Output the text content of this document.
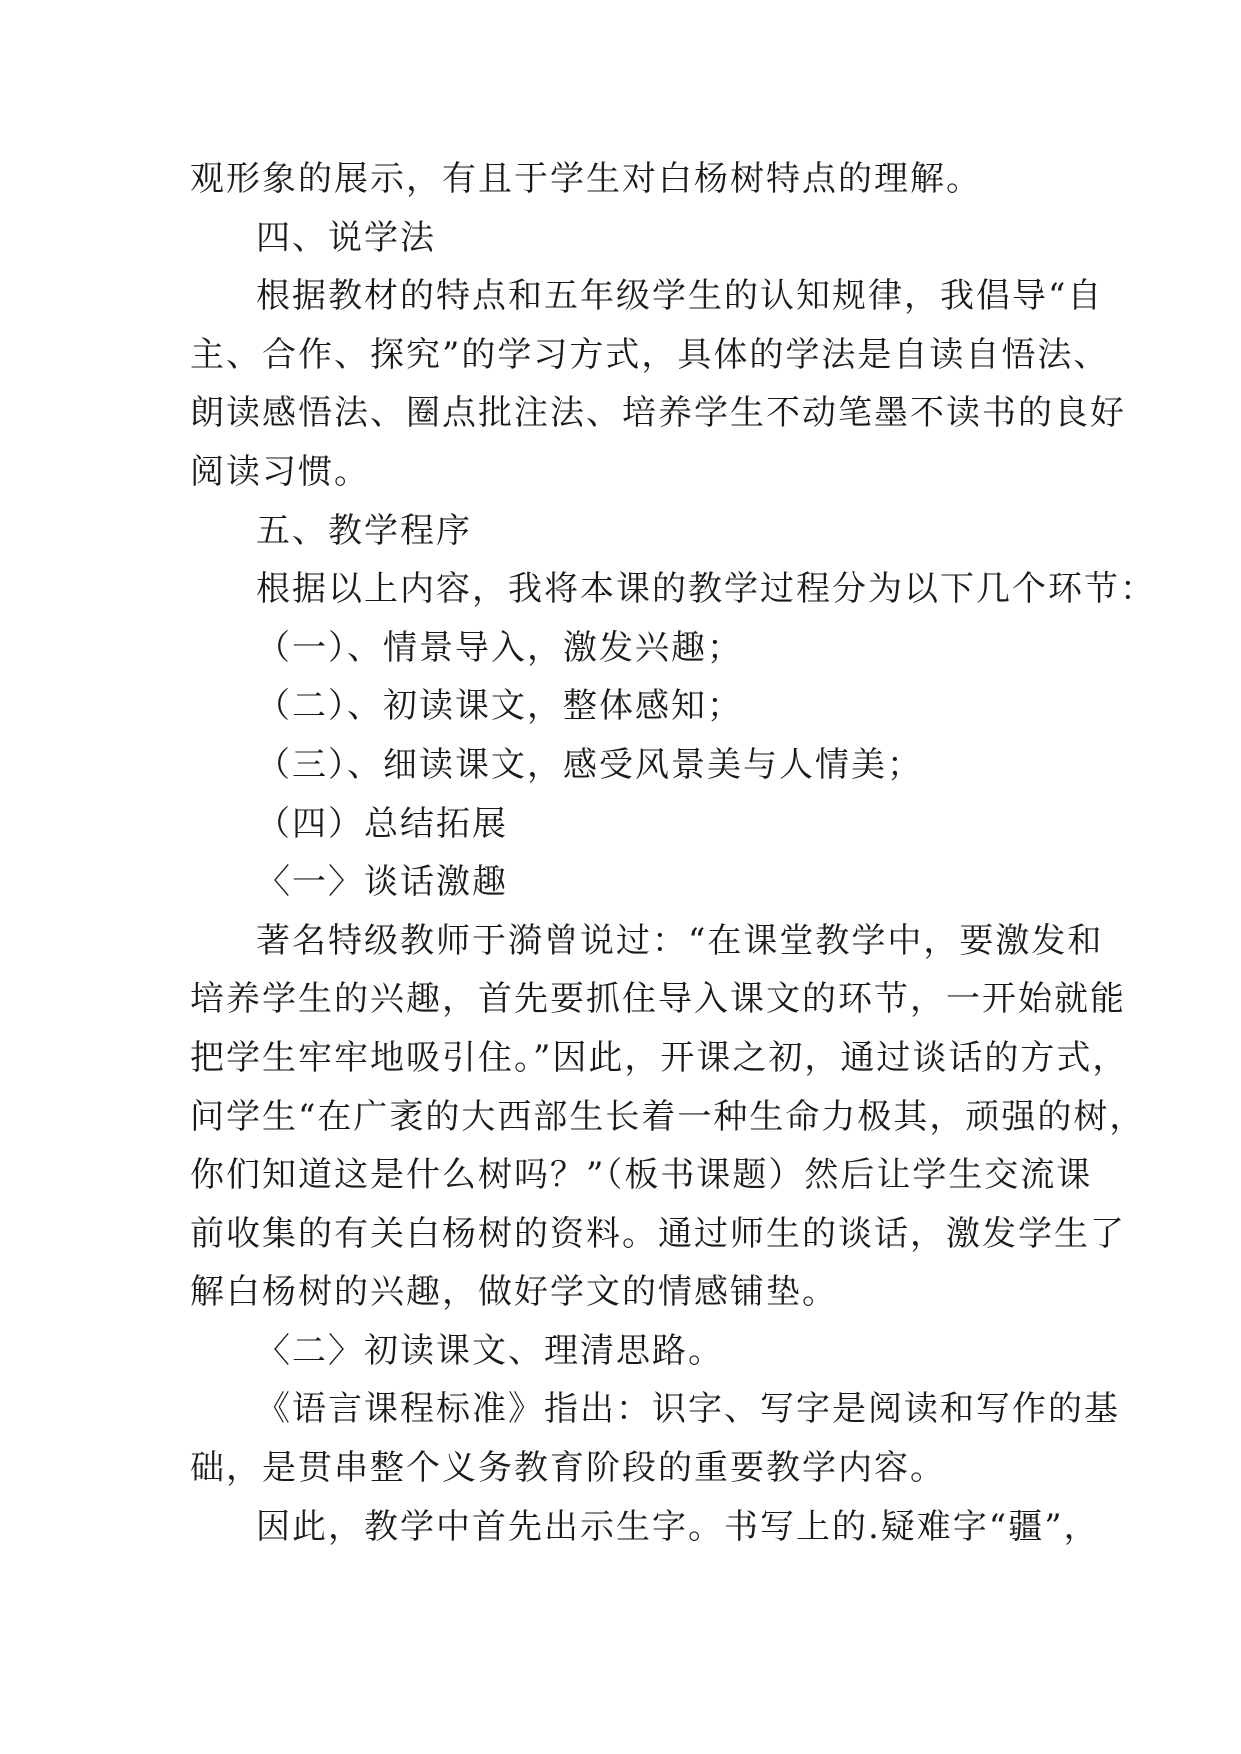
观形象的展示，有且于学生对白杨树特点的理解。
四、说学法
根据教材的特点和五年级学生的认知规律，我倡导“自
主、合作、探究”的学习方式，具体的学法是自读自悟法、
朗读感悟法、圈点批注法、培养学生不动笔墨不读书的良好
阅读习惯。
五、教学程序
根据以上内容，我将本课的教学过程分为以下几个环节：
（一）、情景导入，激发兴趣；
（二）、初读课文，整体感知；
（三）、细读课文，感受风景美与人情美；
（四）总结拓展
〈一〉谈话激趣
著名特级教师于漪曾说过：“在课堂教学中，要激发和
培养学生的兴趣，首先要抓住导入课文的环节，一开始就能
把学生牢牢地吸引住。”因此，开课之初，通过谈话的方式，
问学生“在广袤的大西部生长着一种生命力极其，顽强的树，
你们知道这是什么树吗？”（板书课题）然后让学生交流课
前收集的有关白杨树的资料。通过师生的谈话，激发学生了
解白杨树的兴趣，做好学文的情感铺垫。
〈二〉初读课文、理清思路。
《语言课程标准》指出：识字、写字是阅读和写作的基
础，是贯串整个义务教育阶段的重要教学内容。
因此，教学中首先出示生字。书写上的.疑难字“疆”，
